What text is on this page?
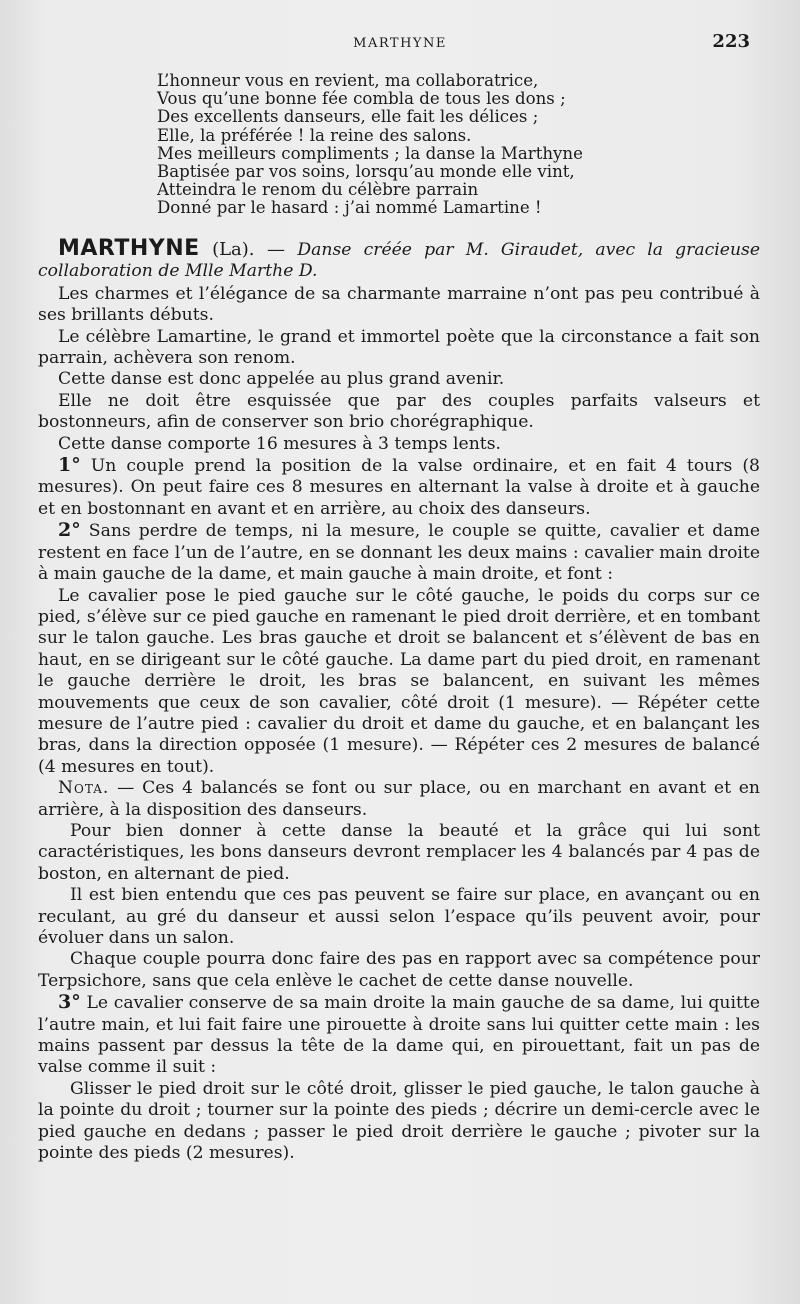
MARTHYNE	223
L’honneur vous en revient, ma collaboratrice,
Vous qu’une bonne fée combla de tous les dons ;
Des excellents danseurs, elle fait les délices ;
Elle, la préférée ! la reine des salons.
Mes meilleurs compliments ; la danse la Marthyne
Baptisée par vos soins, lorsqu’au monde elle vint,
Atteindra le renom du célèbre parrain
Donné par le hasard : j’ai nommé Lamartine !

MARTHYNE (La). — Danse créée par M. Giraudet, avec la gracieuse collaboration de Mlle Marthe D.

Les charmes et l’élégance de sa charmante marraine n’ont pas peu contribué à ses brillants débuts.

Le célèbre Lamartine, le grand et immortel poète que la circonstance a fait son parrain, achèvera son renom.

Cette danse est donc appelée au plus grand avenir.

Elle ne doit être esquissée que par des couples parfaits valseurs et bostonneurs, afin de conserver son brio chorégraphique.

Cette danse comporte 16 mesures à 3 temps lents.

1° Un couple prend la position de la valse ordinaire, et en fait 4 tours (8 mesures). On peut faire ces 8 mesures en alternant la valse à droite et à gauche et en bostonnant en avant et en arrière, au choix des danseurs.

2° Sans perdre de temps, ni la mesure, le couple se quitte, cavalier et dame restent en face l’un de l’autre, en se donnant les deux mains : cavalier main droite à main gauche de la dame, et main gauche à main droite, et font :

Le cavalier pose le pied gauche sur le côté gauche, le poids du corps sur ce pied, s’élève sur ce pied gauche en ramenant le pied droit derrière, et en tombant sur le talon gauche. Les bras gauche et droit se balancent et s’élèvent de bas en haut, en se dirigeant sur le côté gauche. La dame part du pied droit, en ramenant le gauche derrière le droit, les bras se balancent, en suivant les mêmes mouvements que ceux de son cavalier, côté droit (1 mesure). — Répéter cette mesure de l’autre pied : cavalier du droit et dame du gauche, et en balançant les bras, dans la direction opposée (1 mesure). — Répéter ces 2 mesures de balancé (4 mesures en tout).

Nota. — Ces 4 balancés se font ou sur place, ou en marchant en avant et en arrière, à la disposition des danseurs.

Pour bien donner à cette danse la beauté et la grâce qui lui sont caractéristiques, les bons danseurs devront remplacer les 4 balancés par 4 pas de boston, en alternant de pied.

Il est bien entendu que ces pas peuvent se faire sur place, en avançant ou en reculant, au gré du danseur et aussi selon l’espace qu’ils peuvent avoir, pour évoluer dans un salon.

Chaque couple pourra donc faire des pas en rapport avec sa compétence pour Terpsichore, sans que cela enlève le cachet de cette danse nouvelle.

3° Le cavalier conserve de sa main droite la main gauche de sa dame, lui quitte l’autre main, et lui fait faire une pirouette à droite sans lui quitter cette main : les mains passent par dessus la tête de la dame qui, en pirouettant, fait un pas de valse comme il suit :

Glisser le pied droit sur le côté droit, glisser le pied gauche, le talon gauche à la pointe du droit ; tourner sur la pointe des pieds ; décrire un demi-cercle avec le pied gauche en dedans ; passer le pied droit derrière le gauche ; pivoter sur la pointe des pieds (2 mesures).
